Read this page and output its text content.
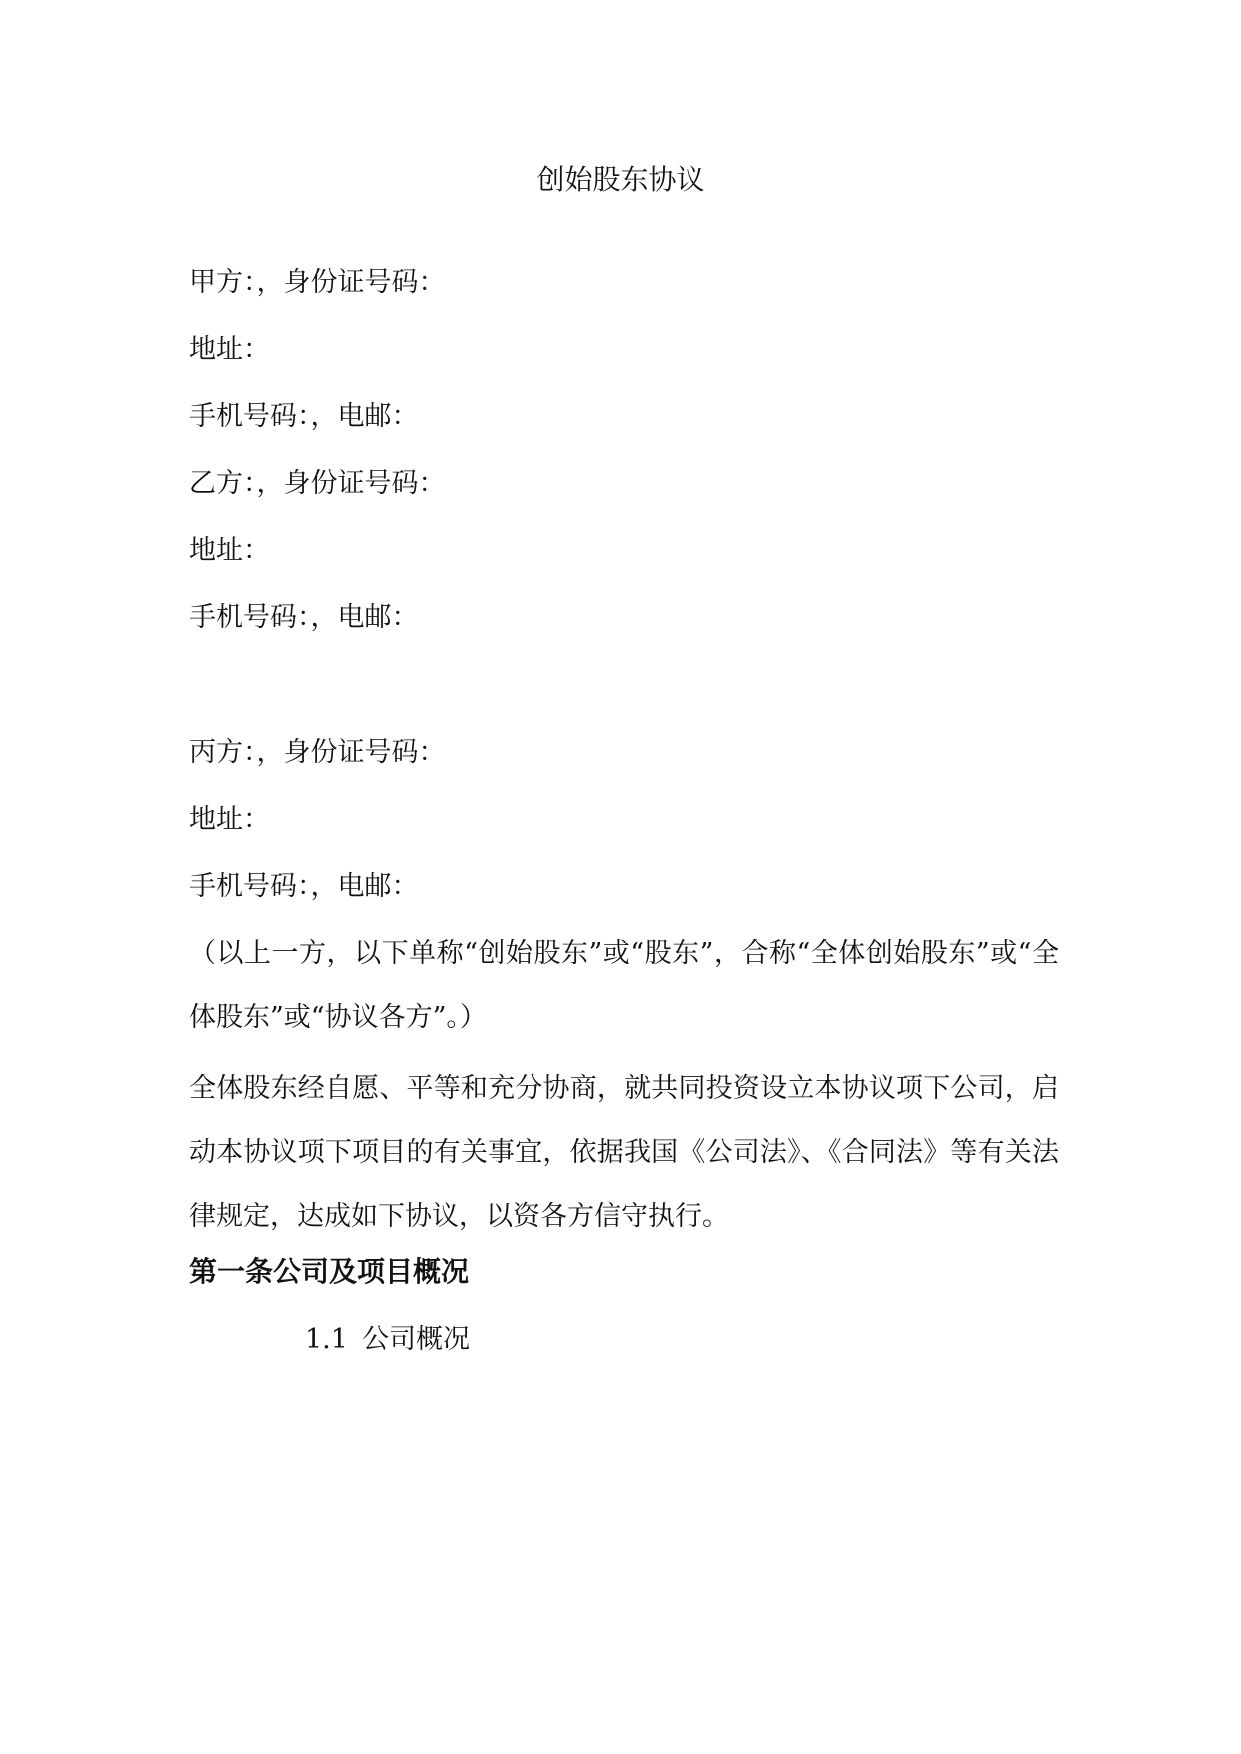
创始股东协议
甲方：，身份证号码：
地址：
手机号码：，电邮：
乙方：，身份证号码：
地址：
手机号码：，电邮：
丙方：，身份证号码：
地址：
手机号码：，电邮：
（以上一方，以下单称“创始股东”或“股东”，合称“全体创始股东”或“全体股东”或“协议各方”。）
全体股东经自愿、平等和充分协商，就共同投资设立本协议项下公司，启动本协议项下项目的有关事宜，依据我国《公司法》、《合同法》等有关法律规定，达成如下协议，以资各方信守执行。
第一条公司及项目概况
1.1 公司概况
